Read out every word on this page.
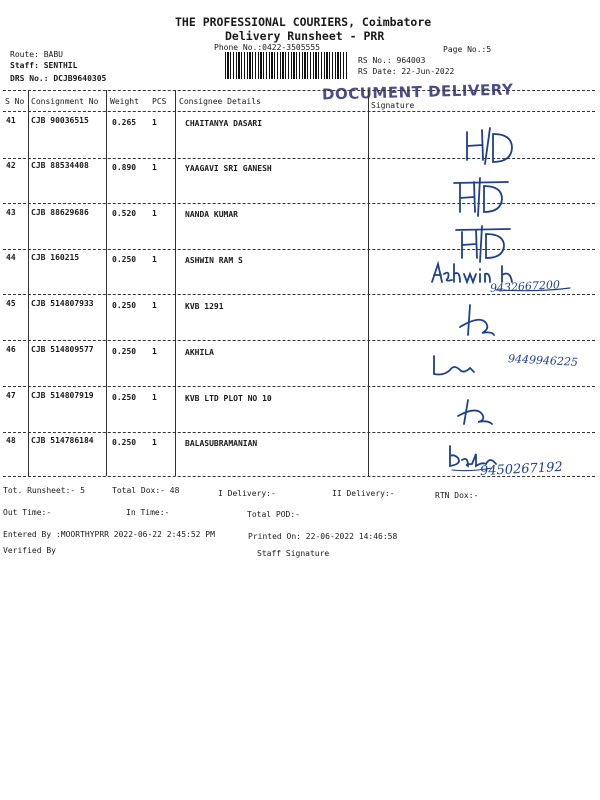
THE PROFESSIONAL COURIERS, Coimbatore
Delivery Runsheet - PRR
Phone No.:0422-3505555	Page No.:5
Route: BABU
Staff: SENTHIL
DRS No.: DCJB9640305
RS No.: 964003
RS Date: 22-Jun-2022
DOCUMENT DELIVERY
S No Consignment No Weight PCS Consignee Details	Signature
41 CJB 90036515	0.265 1	CHAITANYA DASARI
42 CJB 88534408	0.890 1	YAAGAVI SRI GANESH
43 CJB 88629686	0.520 1	NANDA KUMAR
44 CJB 160215	0.250 1	ASHWIN RAM S
45 CJB 514807933 0.250 1	KVB 1291
46 CJB 514809577 0.250 1	AKHILA
47 CJB 514807919 0.250 1	KVB LTD PLOT NO 10
48 CJB 514786184 0.250 1	BALASUBRAMANIAN
9432667200
9449946225
9450267192
Tot. Runsheet:- 5	Total Dox:- 48	I Delivery:-	II Delivery:-	RTN Dox:-
Out Time:-	In Time:-	Total POD:-
Entered By :MOORTHYPRR 2022-06-22 2:45:52 PM	Printed On: 22-06-2022 14:46:58
Verified By	Staff Signature
